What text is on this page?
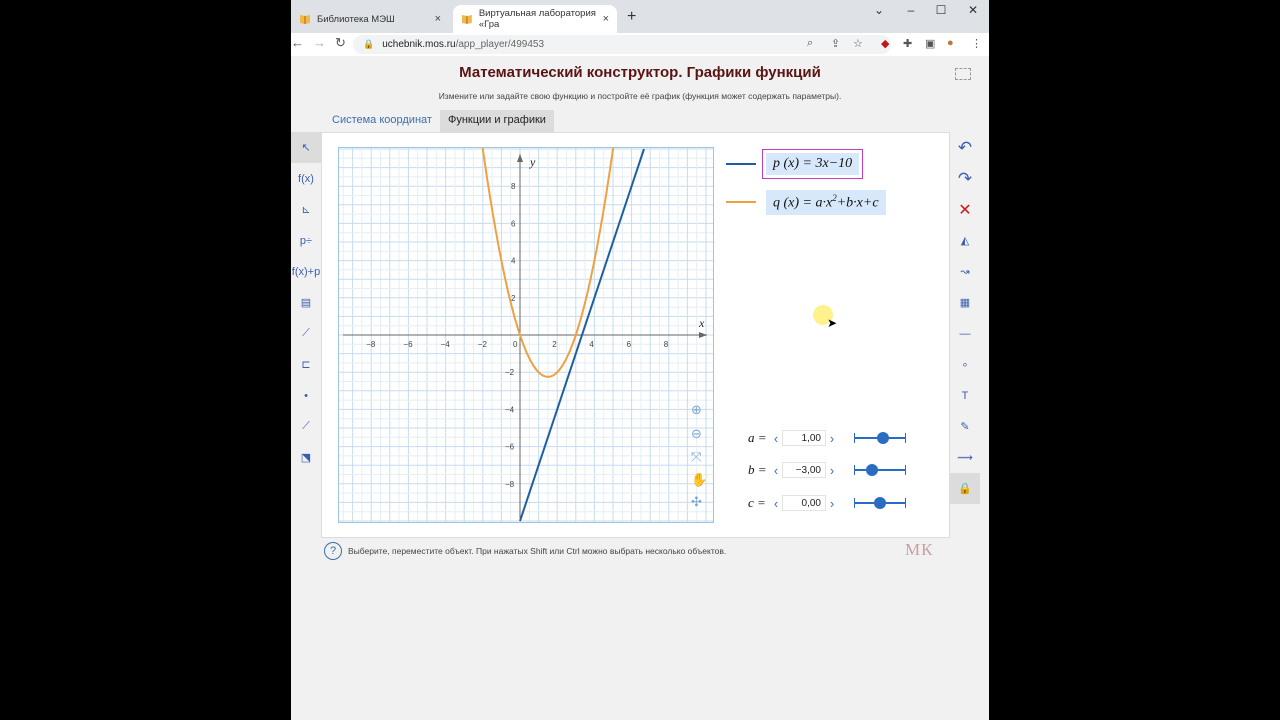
Библиотека МЭШ	×	Виртуальная лаборатория «Гра	× +	⌄	–	☐	✕
← → ↻ 🔒 uchebnik.mos.ru /app_player/499453	⌕ ⇪ ☆ ◆ ✚ ▣ ● ⋮
Математический конструктор. Графики функций
Измените или задайте свою функцию и постройте её график (функция может содержать параметры).
Система координат	Функции и графики
↖
f(x)
⊾
p÷
f(x)+p
▤
⟋
⊏
•
⟋
⬔
↶
↷
✕
◭
↝
▦
—
∘
T
✎
⟿
🔒
x
y
−8	−6	−4	−2	0	2	4	6	8
8
6
4
2
−2
−4
−6
−8
⊕
⊖
⤧
✋
✣
p (x) = 3x−10
q $(x) = a\cdot x^2+b\cdot x+c$
a = ‹	1,00 ›
b = ‹	−3,00 ›
c = ‹	0,00 ›
?	Выберите, переместите объект. При нажатых Shift или Ctrl можно выбрать несколько объектов.	МК
➤
